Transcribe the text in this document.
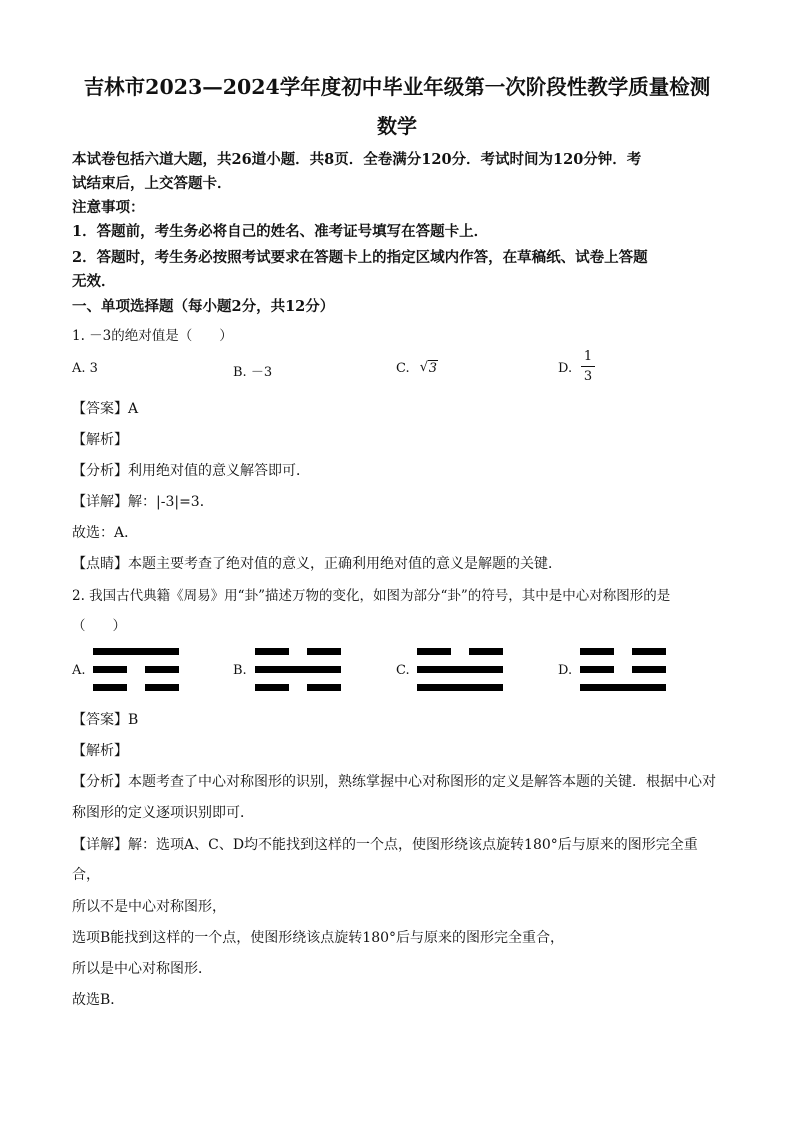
吉林市2023—2024学年度初中毕业年级第一次阶段性教学质量检测
数学
本试卷包括六道大题，共26道小题．共8页．全卷满分120分．考试时间为120分钟．考
试结束后，上交答题卡．
注意事项：
1．答题前，考生务必将自己的姓名、准考证号填写在答题卡上．
2．答题时，考生务必按照考试要求在答题卡上的指定区域内作答，在草稿纸、试卷上答题
无效．
一、单项选择题（每小题2分，共12分）
1. －3的绝对值是（　　）
A. 3	B. －3	C. √ 3	D.
1
3
【答案】A
【解析】
【分析】利用绝对值的意义解答即可．
【详解】解：|-3|=3．
故选：A．
【点睛】本题主要考查了绝对值的意义，正确利用绝对值的意义是解题的关键．
2. 我国古代典籍《周易》用“卦”描述万物的变化，如图为部分“卦”的符号，其中是中心对称图形的是
（　　）
A.	B.	C.	D.
【答案】B
【解析】
【分析】本题考查了中心对称图形的识别，熟练掌握中心对称图形的定义是解答本题的关键．根据中心对
称图形的定义逐项识别即可．
【详解】解：选项A、C、D均不能找到这样的一个点，使图形绕该点旋转180°后与原来的图形完全重
合，
所以不是中心对称图形，
选项B能找到这样的一个点，使图形绕该点旋转180°后与原来的图形完全重合，
所以是中心对称图形．
故选B．
